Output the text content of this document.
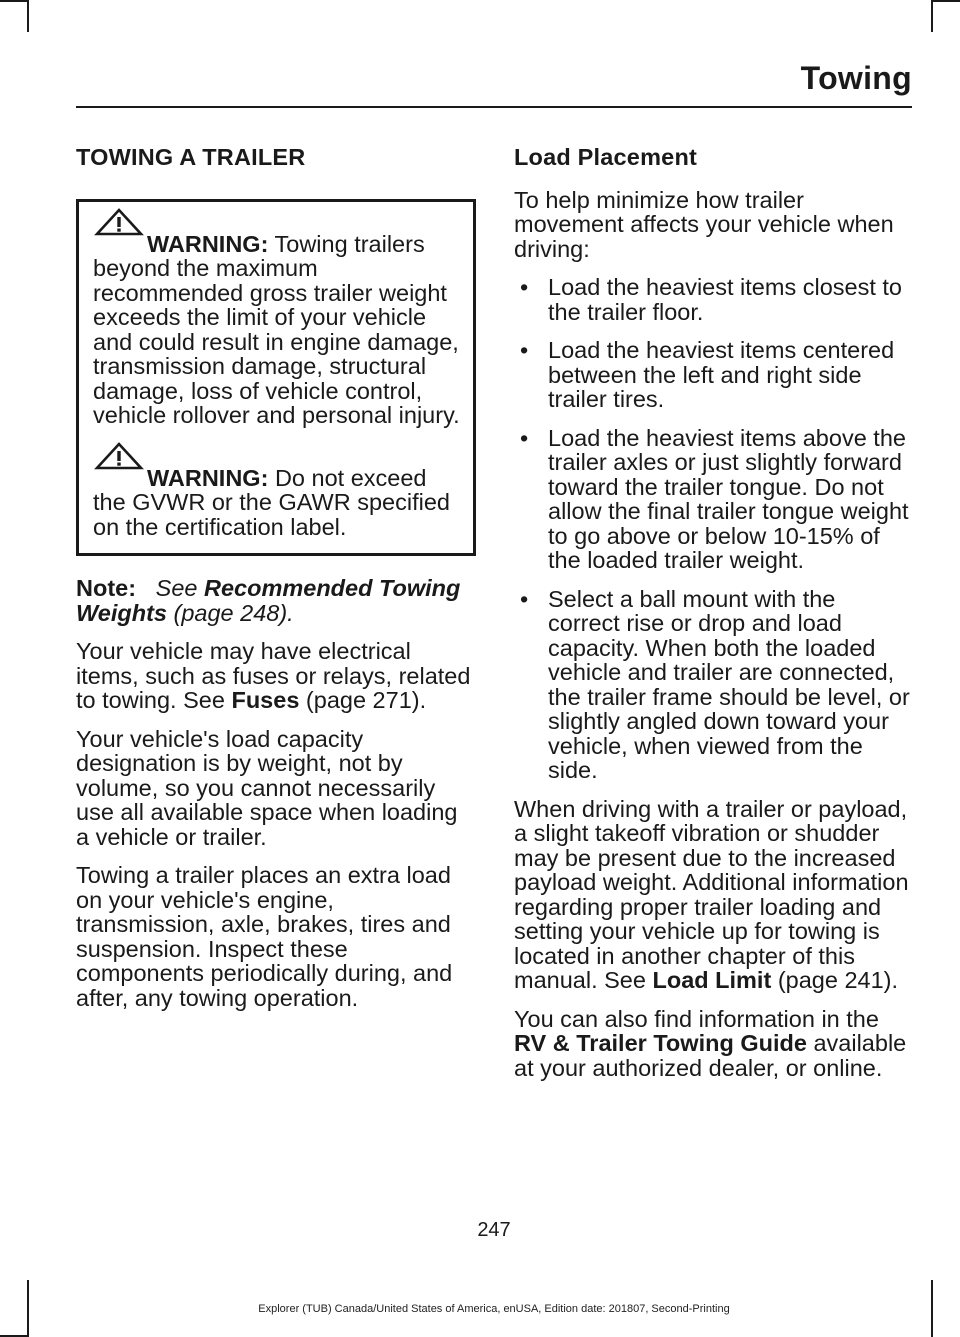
Towing
TOWING A TRAILER
WARNING: Towing trailers beyond the maximum recommended gross trailer weight exceeds the limit of your vehicle and could result in engine damage, transmission damage, structural damage, loss of vehicle control, vehicle rollover and personal injury.
WARNING: Do not exceed the GVWR or the GAWR specified on the certification label.

Note: See Recommended Towing Weights (page 248).

Your vehicle may have electrical items, such as fuses or relays, related to towing. See Fuses (page 271).

Your vehicle's load capacity designation is by weight, not by volume, so you cannot necessarily use all available space when loading a vehicle or trailer.

Towing a trailer places an extra load on your vehicle's engine, transmission, axle, brakes, tires and suspension. Inspect these components periodically during, and after, any towing operation.

Load Placement

To help minimize how trailer movement affects your vehicle when driving:

• Load the heaviest items closest to the trailer floor.
• Load the heaviest items centered between the left and right side trailer tires.
• Load the heaviest items above the trailer axles or just slightly forward toward the trailer tongue. Do not allow the final trailer tongue weight to go above or below 10-15% of the loaded trailer weight.
• Select a ball mount with the correct rise or drop and load capacity. When both the loaded vehicle and trailer are connected, the trailer frame should be level, or slightly angled down toward your vehicle, when viewed from the side.

When driving with a trailer or payload, a slight takeoff vibration or shudder may be present due to the increased payload weight. Additional information regarding proper trailer loading and setting your vehicle up for towing is located in another chapter of this manual. See Load Limit (page 241).

You can also find information in the RV & Trailer Towing Guide available at your authorized dealer, or online.

247
Explorer (TUB) Canada/United States of America, enUSA, Edition date: 201807, Second-Printing
